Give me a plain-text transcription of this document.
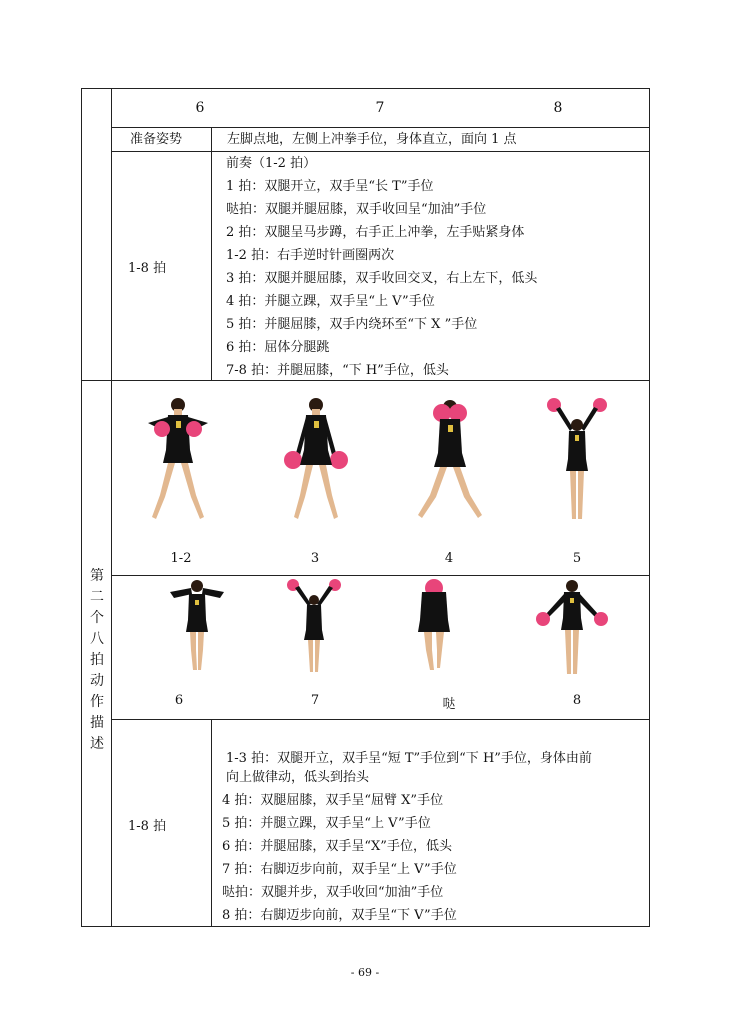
6	7	8
准备姿势	左脚点地，左侧上冲拳手位，身体直立，面向 1 点
1-8 拍
前奏（1-2 拍）
1 拍：双腿开立，双手呈“长 T”手位
哒拍：双腿并腿屈膝，双手收回呈“加油”手位
2 拍：双腿呈马步蹲，右手正上冲拳，左手贴紧身体
1-2 拍：右手逆时针画圈两次
3 拍：双腿并腿屈膝，双手收回交叉，右上左下，低头
4 拍：并腿立踝，双手呈“上 V”手位
5 拍：并腿屈膝，双手内绕环至“下 X ”手位
6 拍：屈体分腿跳
7-8 拍：并腿屈膝，“下 H”手位，低头
第
二
个
八
拍
动
作
描
述
1-2	3	4	5
6	7	哒	8
1-8 拍
1-3 拍：双腿开立，双手呈“短 T”手位到“下 H”手位，身体由前
向上做律动，低头到抬头
4 拍：双腿屈膝，双手呈“屈臂 X”手位
5 拍：并腿立踝，双手呈“上 V”手位
6 拍：并腿屈膝，双手呈“X”手位，低头
7 拍：右脚迈步向前，双手呈“上 V”手位
哒拍：双腿并步，双手收回“加油”手位
8 拍：右脚迈步向前，双手呈“下 V”手位
- 69 -
